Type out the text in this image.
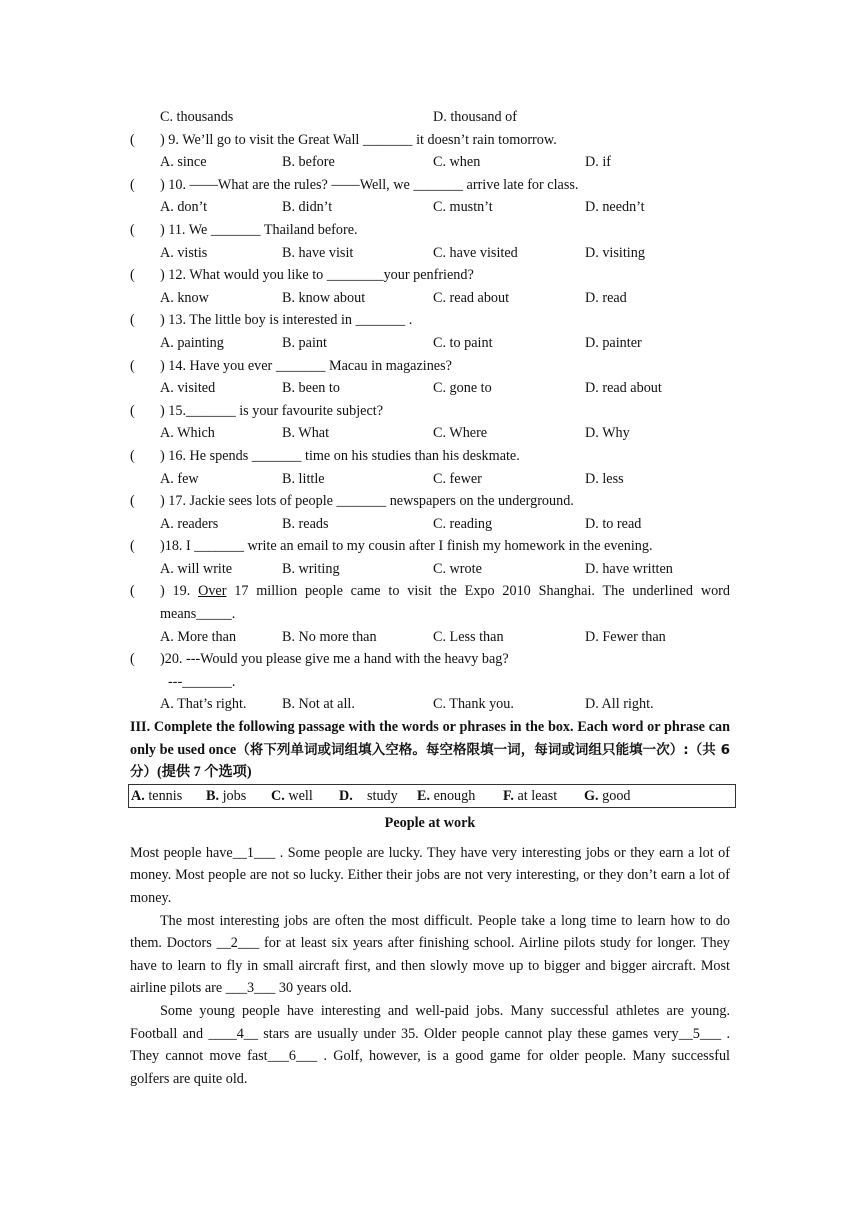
C. thousands	D. thousand of
( ) 9. We’ll go to visit the Great Wall _______ it doesn’t rain tomorrow.
A. since	B. before	C. when	D. if
( ) 10. ——What are the rules? ——Well, we _______ arrive late for class.
A. don’t	B. didn’t	C. mustn’t	D. needn’t
( ) 11. We _______ Thailand before.
A. vistis	B. have visit	C. have visited	D. visiting
( ) 12. What would you like to ________your penfriend?
A. know	B. know about	C. read about	D. read
( ) 13. The little boy is interested in _______ .
A. painting	B. paint	C. to paint	D. painter
( ) 14. Have you ever _______ Macau in magazines?
A. visited	B. been to	C. gone to	D. read about
( ) 15._______ is your favourite subject?
A. Which	B. What	C. Where	D. Why
( ) 16. He spends _______ time on his studies than his deskmate.
A. few	B. little	C. fewer	D. less
( ) 17. Jackie sees lots of people _______ newspapers on the underground.
A. readers	B. reads	C. reading	D. to read
( )18. I _______ write an email to my cousin after I finish my homework in the evening.
A. will write	B. writing	C. wrote	D. have written
( ) 19. Over 17 million people came to visit the Expo 2010 Shanghai. The underlined word
means_____.
A. More than	B. No more than	C. Less than	D. Fewer than
( )20. ---Would you please give me a hand with the heavy bag?
---_______.
A. That’s right.	B. Not at all.	C. Thank you.	D. All right.
III. Complete the following passage with the words or phrases in the box. Each word or phrase can only be used once（将下列单词或词组填入空格。每空格限填一词，每词或词组只能填一次）:（共 6 分）(提供 7 个选项)
A. tennis B. jobs C. well D.    study E. enough F. at least G. good
People at work

Most people have__1___ . Some people are lucky. They have very interesting jobs or they earn a lot of money. Most people are not so lucky. Either their jobs are not very interesting, or they don’t earn a lot of money.

The most interesting jobs are often the most difficult. People take a long time to learn how to do them. Doctors __2___ for at least six years after finishing school. Airline pilots study for longer. They have to learn to fly in small aircraft first, and then slowly move up to bigger and bigger aircraft. Most airline pilots are ___3___ 30 years old.

Some young people have interesting and well-paid jobs. Many successful athletes are young. Football and ____4__ stars are usually under 35. Older people cannot play these games very__5___ . They cannot move fast___6___ . Golf, however, is a good game for older people. Many successful golfers are quite old.
